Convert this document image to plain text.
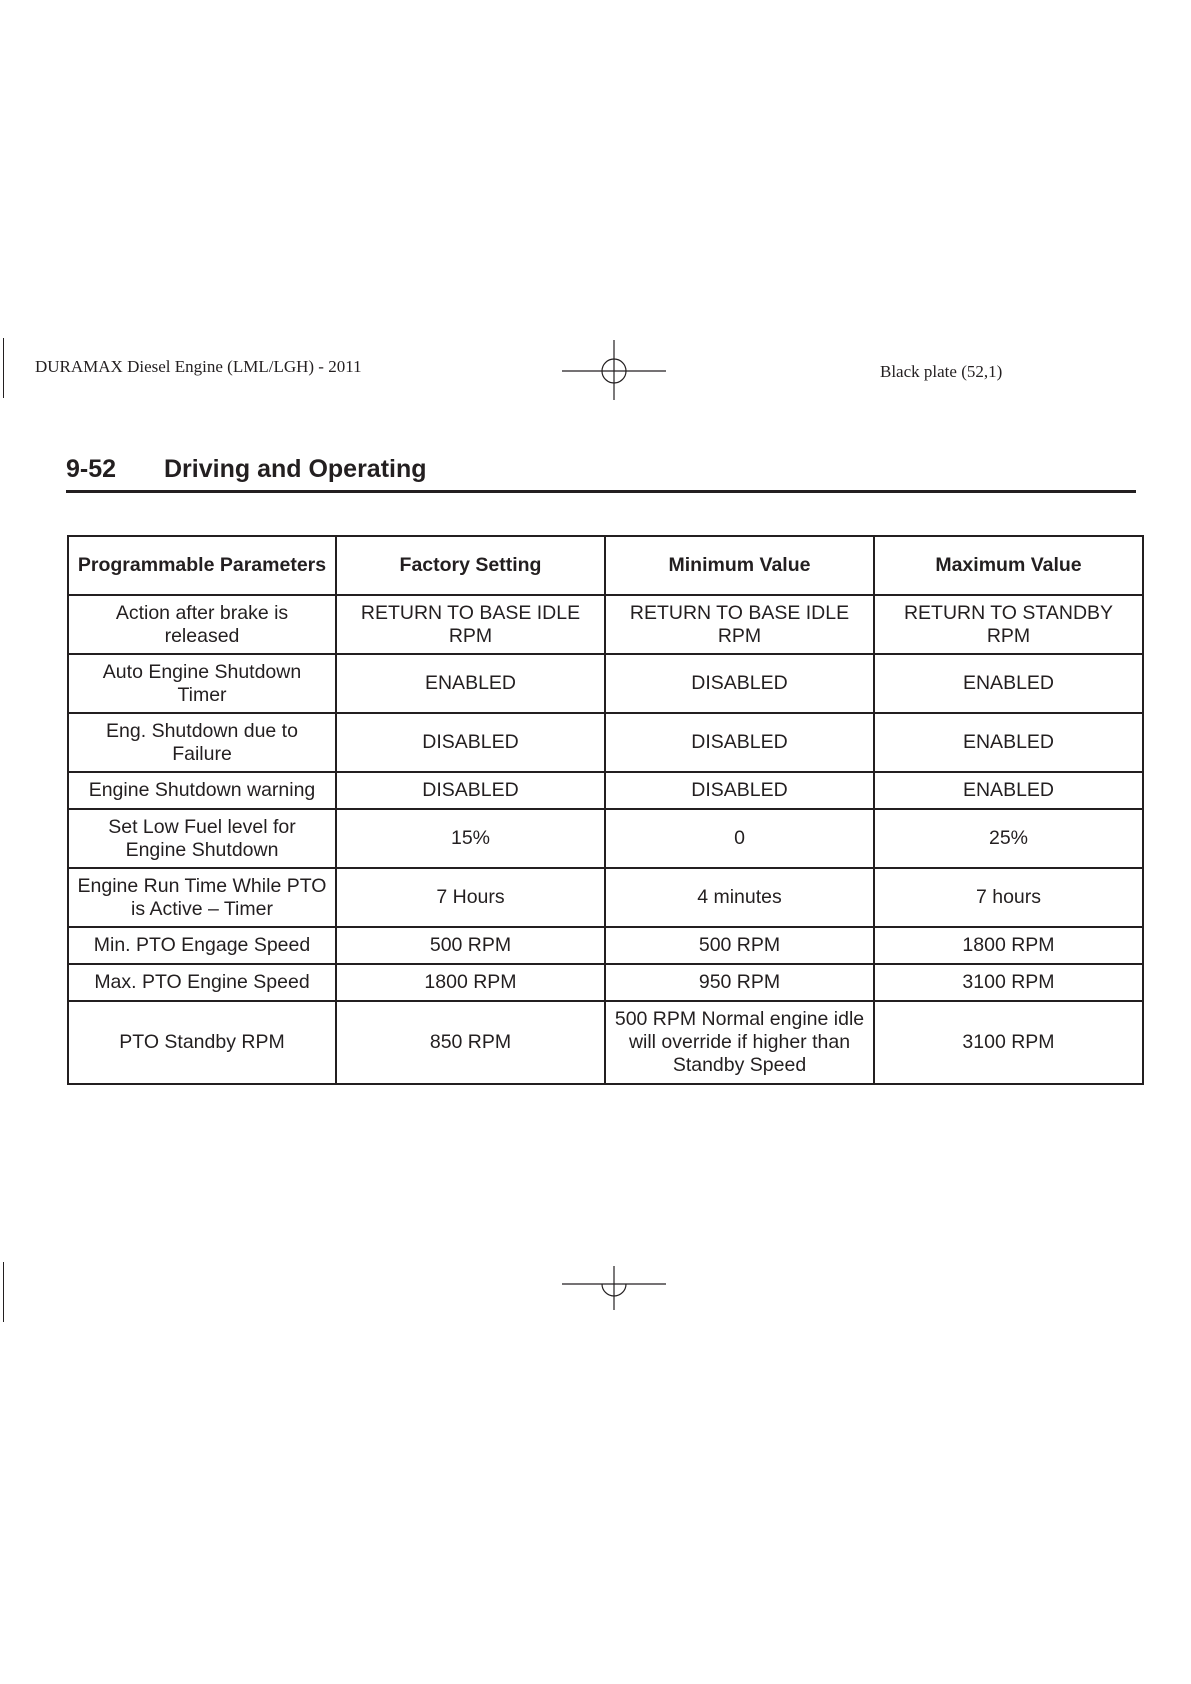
DURAMAX Diesel Engine (LML/LGH) - 2011	Black plate (52,1)
9-52 Driving and Operating
Programmable Parameters	Factory Setting	Minimum Value	Maximum Value
Action after brake is released	RETURN TO BASE IDLE RPM	RETURN TO BASE IDLE RPM	RETURN TO STANDBY RPM
Auto Engine Shutdown Timer	ENABLED	DISABLED	ENABLED
Eng. Shutdown due to Failure	DISABLED	DISABLED	ENABLED
Engine Shutdown warning	DISABLED	DISABLED	ENABLED
Set Low Fuel level for Engine Shutdown	15%	0	25%
Engine Run Time While PTO is Active – Timer	7 Hours	4 minutes	7 hours
Min. PTO Engage Speed	500 RPM	500 RPM	1800 RPM
Max. PTO Engine Speed	1800 RPM	950 RPM	3100 RPM
PTO Standby RPM	850 RPM	500 RPM Normal engine idle will override if higher than Standby Speed	3100 RPM
